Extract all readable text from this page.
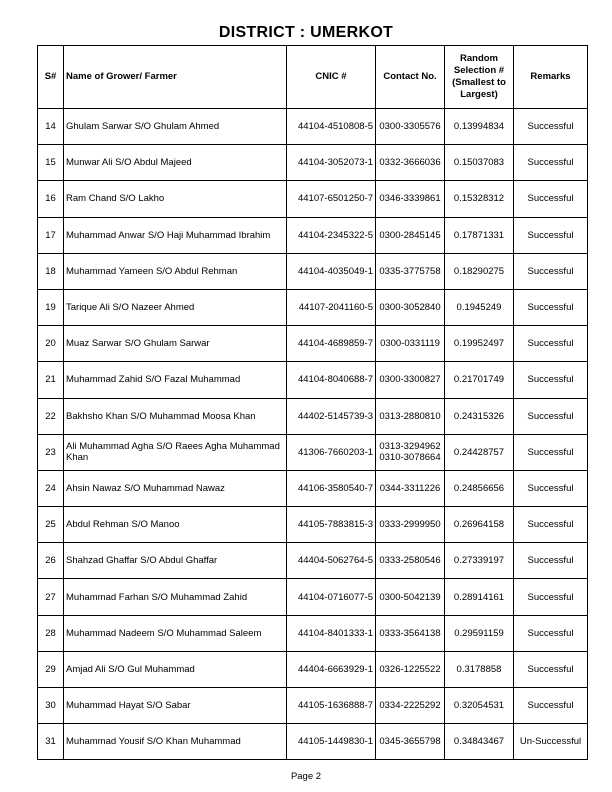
DISTRICT : UMERKOT
S#	Name of Grower/ Farmer	CNIC #	Contact No.	Random Selection # (Smallest to Largest)	Remarks
14	Ghulam Sarwar S/O Ghulam Ahmed	44104-4510808-5	0300-3305576	0.13994834	Successful
15	Munwar Ali S/O Abdul Majeed	44104-3052073-1	0332-3666036	0.15037083	Successful
16	Ram Chand S/O Lakho	44107-6501250-7	0346-3339861	0.15328312	Successful
17	Muhammad Anwar S/O Haji Muhammad Ibrahim	44104-2345322-5	0300-2845145	0.17871331	Successful
18	Muhammad Yameen S/O Abdul Rehman	44104-4035049-1	0335-3775758	0.18290275	Successful
19	Tarique Ali S/O Nazeer Ahmed	44107-2041160-5	0300-3052840	0.1945249	Successful
20	Muaz Sarwar S/O Ghulam Sarwar	44104-4689859-7	0300-0331119	0.19952497	Successful
21	Muhammad Zahid S/O Fazal Muhammad	44104-8040688-7	0300-3300827	0.21701749	Successful
22	Bakhsho Khan S/O Muhammad Moosa Khan	44402-5145739-3	0313-2880810	0.24315326	Successful
23	Ali Muhammad Agha S/O Raees Agha Muhammad Khan	41306-7660203-1	0313-3294962 0310-3078664	0.24428757	Successful
24	Ahsin Nawaz S/O Muhammad Nawaz	44106-3580540-7	0344-3311226	0.24856656	Successful
25	Abdul Rehman S/O Manoo	44105-7883815-3	0333-2999950	0.26964158	Successful
26	Shahzad Ghaffar S/O Abdul Ghaffar	44404-5062764-5	0333-2580546	0.27339197	Successful
27	Muhammad Farhan S/O Muhammad Zahid	44104-0716077-5	0300-5042139	0.28914161	Successful
28	Muhammad Nadeem S/O Muhammad Saleem	44104-8401333-1	0333-3564138	0.29591159	Successful
29	Amjad Ali S/O Gul Muhammad	44404-6663929-1	0326-1225522	0.3178858	Successful
30	Muhammad Hayat S/O Sabar	44105-1636888-7	0334-2225292	0.32054531	Successful
31	Muhammad Yousif S/O Khan Muhammad	44105-1449830-1	0345-3655798	0.34843467	Un-Successful
Page 2
